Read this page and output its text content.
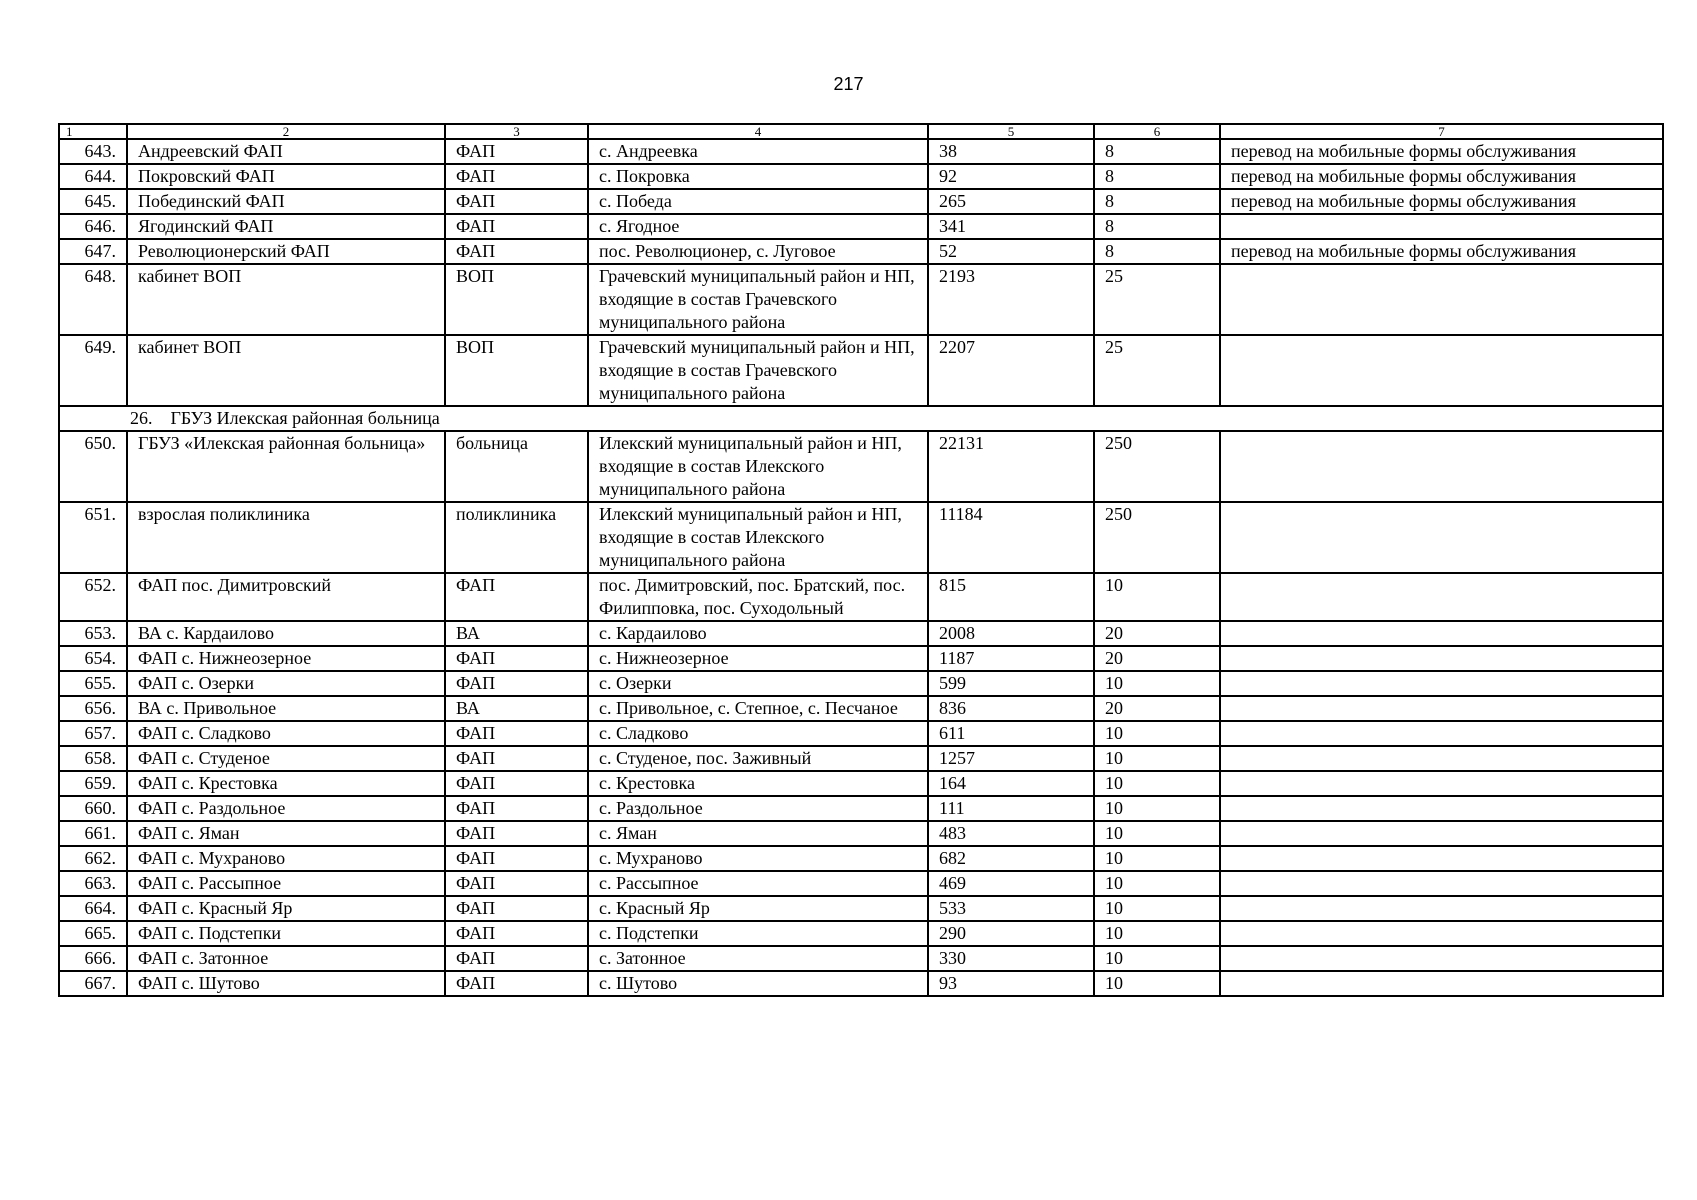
217
1	2	3	4	5	6	7
643.	Андреевский ФАП	ФАП	с. Андреевка	38	8	перевод на мобильные формы обслуживания
644.	Покровский ФАП	ФАП	с. Покровка	92	8	перевод на мобильные формы обслуживания
645.	Побединский ФАП	ФАП	с. Победа	265	8	перевод на мобильные формы обслуживания
646.	Ягодинский ФАП	ФАП	с. Ягодное	341	8	
647.	Революционерский ФАП	ФАП	пос. Революционер, с. Луговое	52	8	перевод на мобильные формы обслуживания
648.	кабинет ВОП	ВОП	Грачевский муниципальный район и НП, входящие в состав Грачевского муниципального района	2193	25	
649.	кабинет ВОП	ВОП	Грачевский муниципальный район и НП, входящие в состав Грачевского муниципального района	2207	25	
26.    ГБУЗ Илекская районная больница						
650.	ГБУЗ «Илекская районная больница»	больница	Илекский муниципальный район и НП, входящие в состав Илекского муниципального района	22131	250	
651.	взрослая поликлиника	поликлиника	Илекский муниципальный район и НП, входящие в состав Илекского муниципального района	11184	250	
652.	ФАП пос. Димитровский	ФАП	пос. Димитровский, пос. Братский, пос. Филипповка, пос. Суходольный	815	10	
653.	ВА с. Кардаилово	ВА	с. Кардаилово	2008	20	
654.	ФАП с. Нижнеозерное	ФАП	с. Нижнеозерное	1187	20	
655.	ФАП с. Озерки	ФАП	с. Озерки	599	10	
656.	ВА с. Привольное	ВА	с. Привольное, с. Степное, с. Песчаное	836	20	
657.	ФАП с. Сладково	ФАП	с. Сладково	611	10	
658.	ФАП с. Студеное	ФАП	с. Студеное, пос. Заживный	1257	10	
659.	ФАП с. Крестовка	ФАП	с. Крестовка	164	10	
660.	ФАП с. Раздольное	ФАП	с. Раздольное	111	10	
661.	ФАП с. Яман	ФАП	с. Яман	483	10	
662.	ФАП с. Мухраново	ФАП	с. Мухраново	682	10	
663.	ФАП с. Рассыпное	ФАП	с. Рассыпное	469	10	
664.	ФАП с. Красный Яр	ФАП	с. Красный Яр	533	10	
665.	ФАП с. Подстепки	ФАП	с. Подстепки	290	10	
666.	ФАП с. Затонное	ФАП	с. Затонное	330	10	
667.	ФАП с. Шутово	ФАП	с. Шутово	93	10	
